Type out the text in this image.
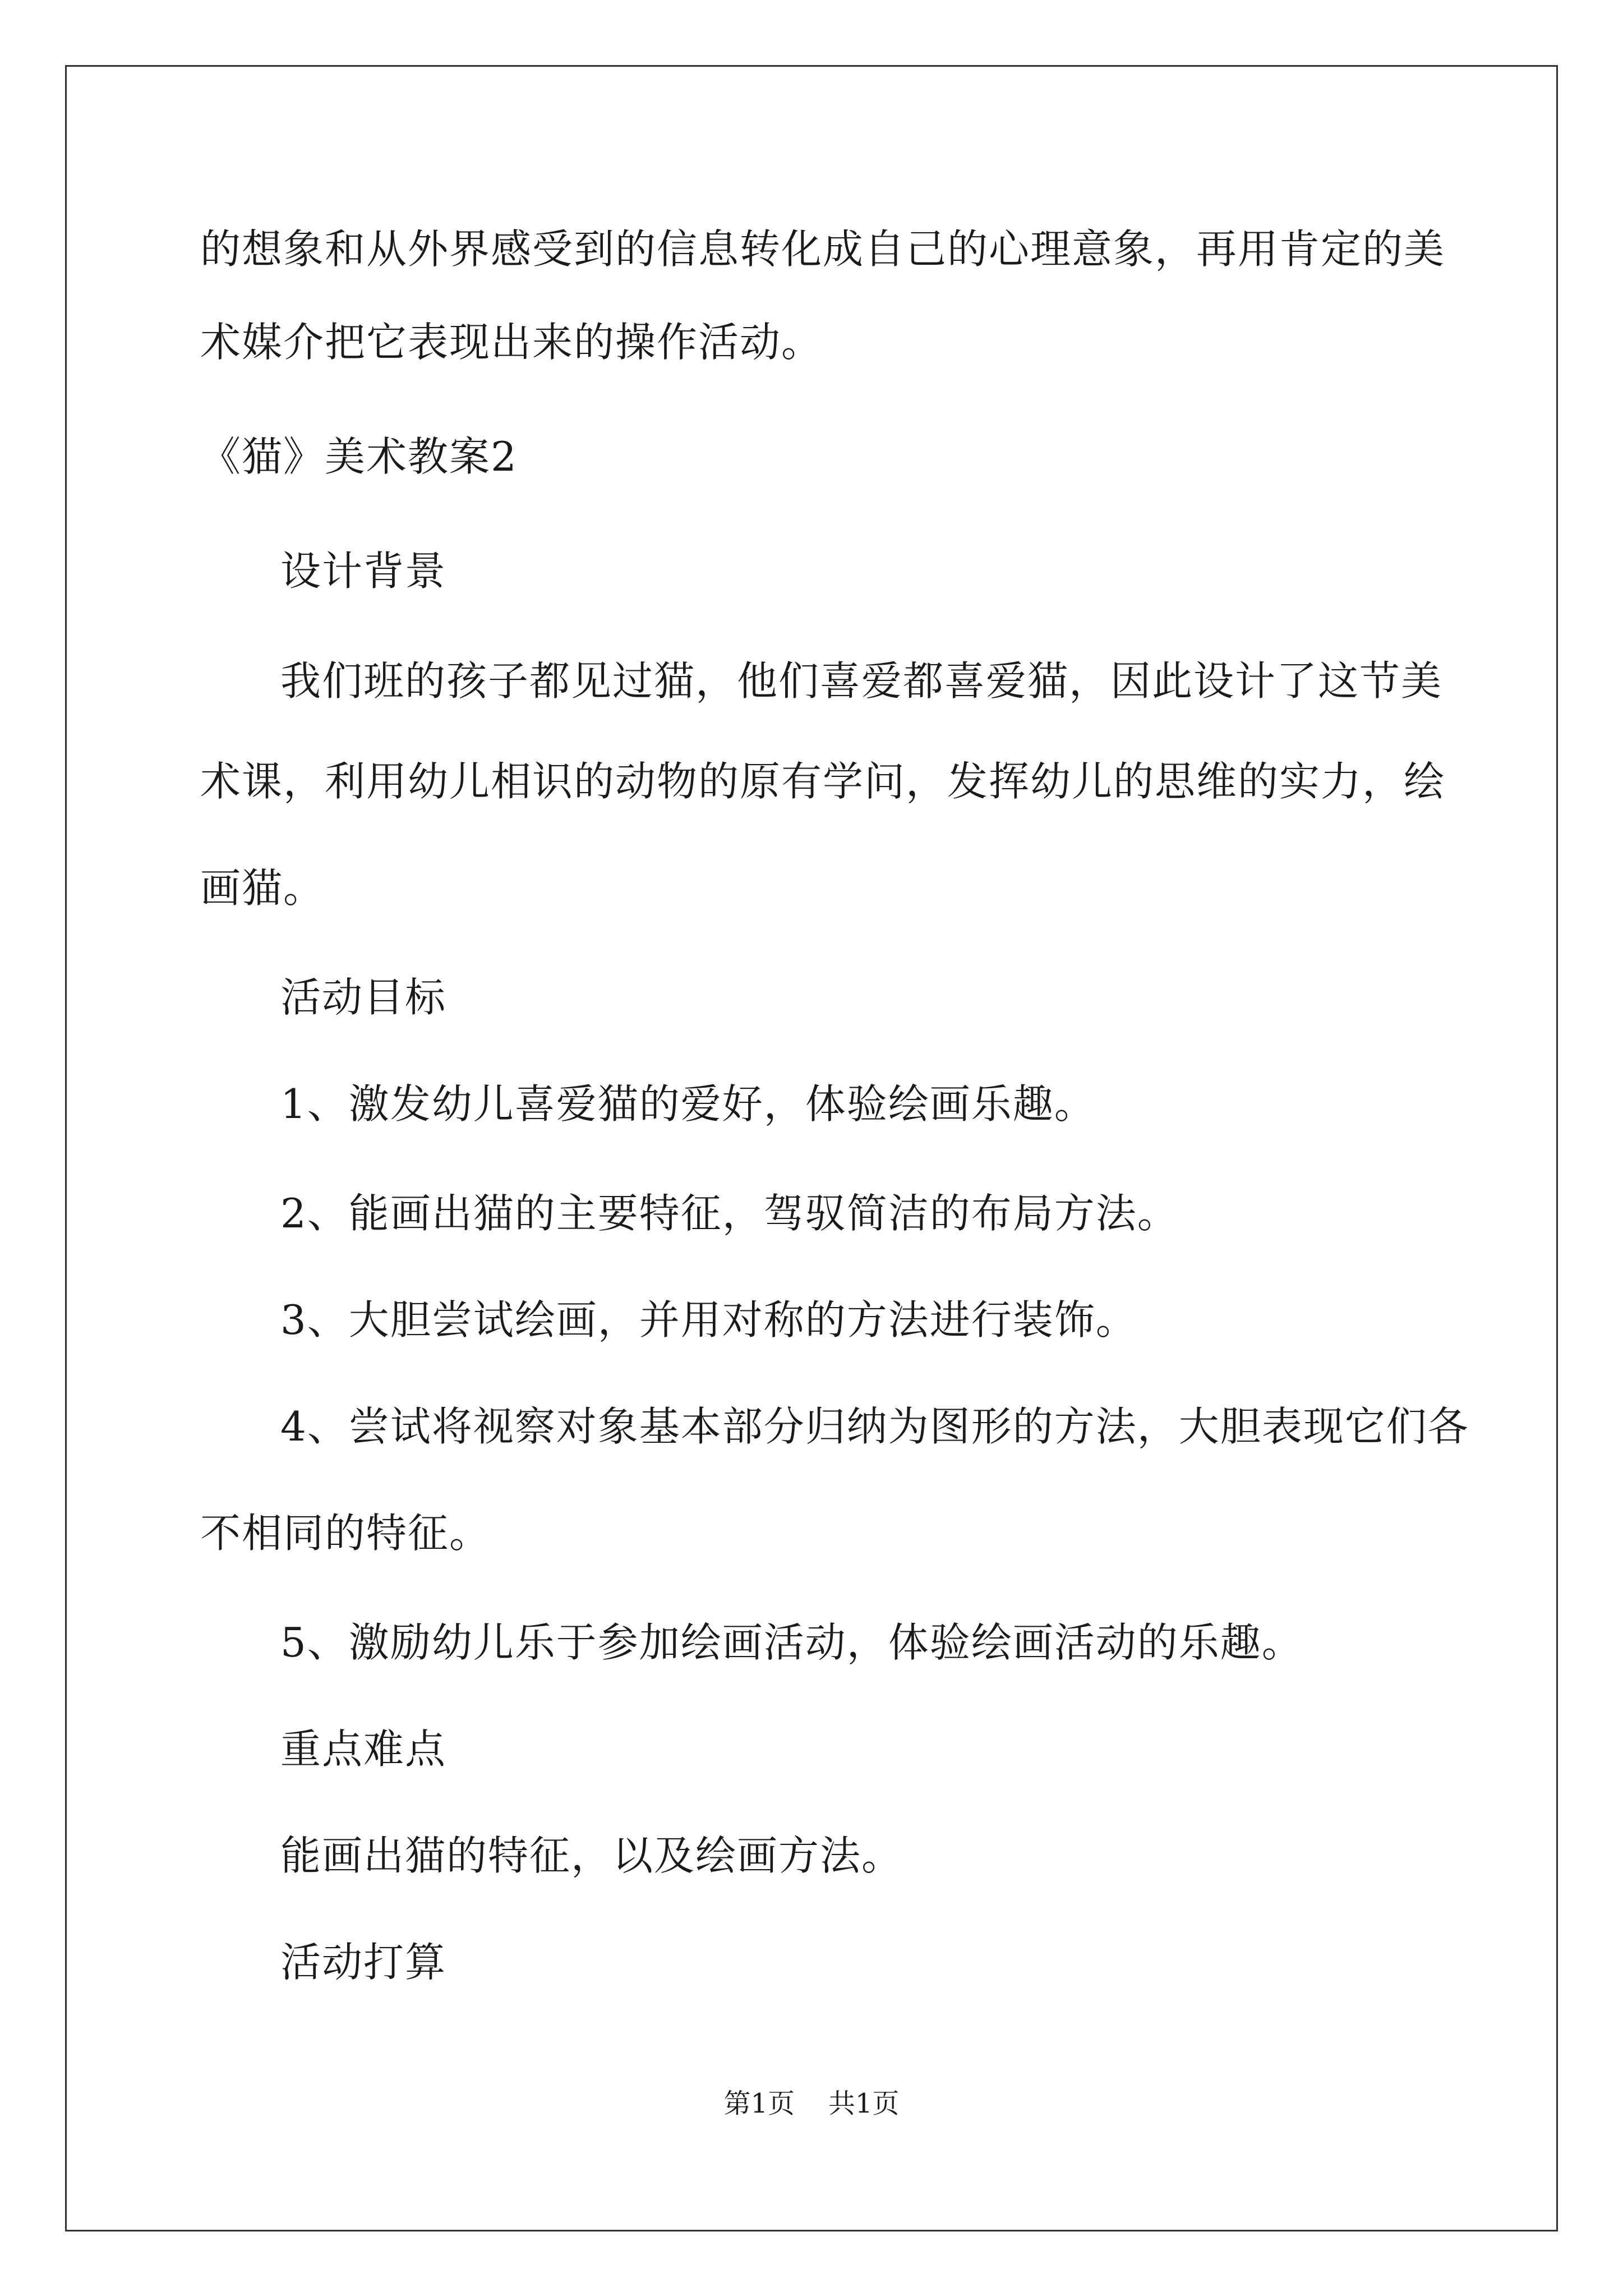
的想象和从外界感受到的信息转化成自己的心理意象，再用肯定的美
术媒介把它表现出来的操作活动。
《猫》美术教案2
设计背景
我们班的孩子都见过猫，他们喜爱都喜爱猫，因此设计了这节美
术课，利用幼儿相识的动物的原有学问，发挥幼儿的思维的实力，绘
画猫。
活动目标
1、激发幼儿喜爱猫的爱好，体验绘画乐趣。
2、能画出猫的主要特征，驾驭简洁的布局方法。
3、大胆尝试绘画，并用对称的方法进行装饰。
4、尝试将视察对象基本部分归纳为图形的方法，大胆表现它们各
不相同的特征。
5、激励幼儿乐于参加绘画活动，体验绘画活动的乐趣。
重点难点
能画出猫的特征，以及绘画方法。
活动打算
第1页 共1页
